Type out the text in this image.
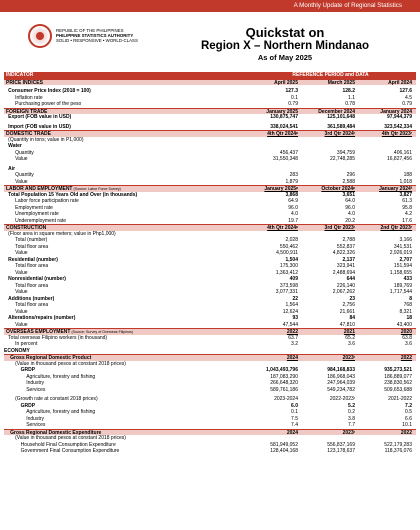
A Monthly Update of Regional Statistics
REPUBLIC OF THE PHILIPPINES
PHILIPPINE STATISTICS AUTHORITY
SOLID • RESPONSIVE • WORLD-CLASS
Quickstat on
Region X – Northern Mindanao
As of May 2025
INDICATOR	REFERENCE PERIOD and DATA
PRICE INDICES	April 2025	March 2025	April 2024
Consumer Price Index (2018 = 100)	127.3	128.2	127.6
Inflation rate	0.1	1.1	4.5
Purchasing power of the peso	0.79	0.78	0.79
FOREIGN TRADE	January 2025	December 2024	January 2024
Export (FOB value in USD)	130,875,747	125,101,648	97,944,379
Import (FOB value in USD)	338,024,541	361,589,484	323,542,334
DOMESTIC TRADE	4th Qtr 2024ᵖ	3rd Qtr 2024ʳ	4th Qtr 2023ʳ
(Quantity in tons; value in P1,000)
Water
Quantity	456,437	394,759	406,161
Value	31,550,348	22,748,285	16,827,456
Air
Quantity	283	296	188
Value	1,879	2,588	1,018
LABOR AND EMPLOYMENT (Source: Labor Force Survey)	January 2025ᵖ	October 2024ᵖ	January 2024ᶠ
Total Population 15 Years Old and Over (in thousands)	3,868	3,651	3,827
Labor force participation rate	64.9	64.0	61.3
Employment rate	96.0	96.0	95.8
Unemployment rate	4.0	4.0	4.2
Underemployment rate	19.7	20.2	17.6
CONSTRUCTION	4th Qtr 2024ᵖ	3rd Qtr 2023ʳ	2nd Qtr 2023ʳ
(Floor area in square meters; value in Php1,000)
Total (number)	2,028	2,788	3,166
Total floor area	550,462	552,837	341,531
Value	4,500,911	4,822,326	2,926,019
Residential (number)	1,504	2,137	2,707
Total floor area	175,300	323,941	151,594
Value	1,363,412	2,488,694	1,158,655
Nonresidential (number)	409	644	433
Total floor area	373,598	226,140	189,769
Value	3,077,331	2,067,262	1,717,544
Additions (number)	22	23	8
Total floor area	1,564	2,756	768
Value	12,624	21,661	8,321
Alterations/repairs (number)	93	84	18
Value	47,544	47,810	43,400
OVERSEAS EMPLOYMENT (Source: Survey of Overseas Filipinos)	2022	2021	2020
Total overseas Filipino workers (in thousand)	63.7	65.2	63.8
In percent	3.2	3.6	3.6
ECONOMY
Gross Regional Domestic Product	2024	2023ʳ	2022
(Value in thousand pesos at constant 2018 prices)
GRDP	1,043,493,796	984,168,833	935,273,521
Agriculture, forestry and fishing	187,083,290	186,968,043	186,889,077
Industry	266,648,320	247,964,039	238,830,562
Services	589,761,186	549,234,782	509,653,688
(Growth rate at constant 2018 prices)	2023-2024	2022-2023ʳ	2021-2022
GRDP	6.0	5.2	7.2
Agriculture, forestry and fishing	0.1	0.2	0.5
Industry	7.5	3.8	6.6
Services	7.4	7.7	10.1
Gross Regional Domestic Expenditure	2024	2023ʳ	2022
(Value in thousand pesos at constant 2018 prices)
Household Final Consumption Expenditure	581,949,052	556,837,169	522,179,283
Government Final Consumption Expenditure	128,404,168	123,178,637	118,376,076
